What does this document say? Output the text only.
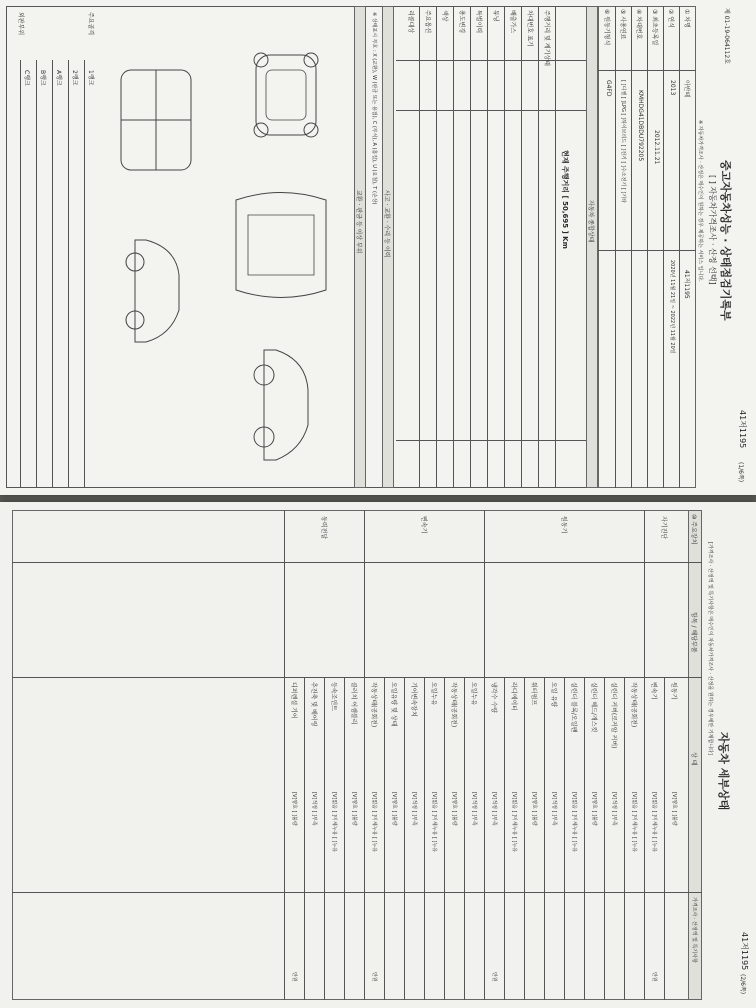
41저1195
(1/6쪽)
제 01-19-064112호
중고자동차성능 · 상태점검기록부
[ ] 자동차가격조사 · 산정 선택]
※ 자동차가격조사 · 산정은 매수인이 원하는 경우 제공하는 서비스 입니다.
① 차명
아반떼
② 연식
2013
③ 최초등록일
2012.11.21
④ 차대번호
KMHDG41DBDU792205
⑤ 사용연료
[ ]디젤 [ ]LPG [ ]하이브리드 [ ]전기 [ ]수소전기 [ ]기타
⑥ 원동기형식
G4FD
41저1195
2020년 11월 21일 ~ 2022년 11월 20일
자동차 종합상태
현재 주행거리 [ 50,695 ] Km
주행거리 및 계기상태
차대번호 표기
배출가스
튜닝
특별이력
용도변경
색상
주요옵션
리콜대상
사고 · 교환 · 수리 등 이력
※ 상태표시 부호 : X (교환), W (판금 또는 용접), C (부식), A (흠집), U (요철), T (손상)
교환 · 판금 등 이상 부위
주요골격
외판부위
1랭크
2랭크
A랭크
B랭크
C랭크
41저1195
(2/6쪽)
자동차 세부상태
[가격조사 · 산정액 및 특기사항은 매수인이 자동차가격조사 · 산정을 원하는 경우에만 기재합니다]
⑩ 주요장치
항목 / 해당부품
상 태
가격조사 · 산정액 및 특기사항
자기진단
원동기
[V]양호 [ ]불량
변속기
[V]없음 [ ]미세누유 [ ]누유
만원
원동기
작동상태(공회전)
[V]없음 [ ]미세누유 [ ]누유
실린더 커버(로커암 커버)
[V]적정 [ ]부족
실린더 헤드/개스킷
[V]양호 [ ]불량
실린더 블록/오일팬
[V]없음 [ ]미세누유 [ ]누유
오일 유량
[V]적정 [ ]부족
워터펌프
[V]양호 [ ]불량
라디에이터
[V]없음 [ ]미세누유 [ ]누유
냉각수 수량
[V]적정 [ ]부족
만원
변속기
오일누유
[V]적정 [ ]부족
작동상태(공회전)
[V]양호 [ ]불량
오일누유
[V]없음 [ ]미세누유 [ ]누유
기어변속장치
[V]적정 [ ]부족
오일유량 및 상태
[V]양호 [ ]불량
작동상태(공회전)
[V]없음 [ ]미세누유 [ ]누유
만원
동력전달
클러치 어셈블리
[V]양호 [ ]불량
등속조인트
[V]없음 [ ]미세누유 [ ]누유
추진축 및 베어링
[V]적정 [ ]부족
디퍼렌셜 기어
[V]양호 [ ]불량
만원
